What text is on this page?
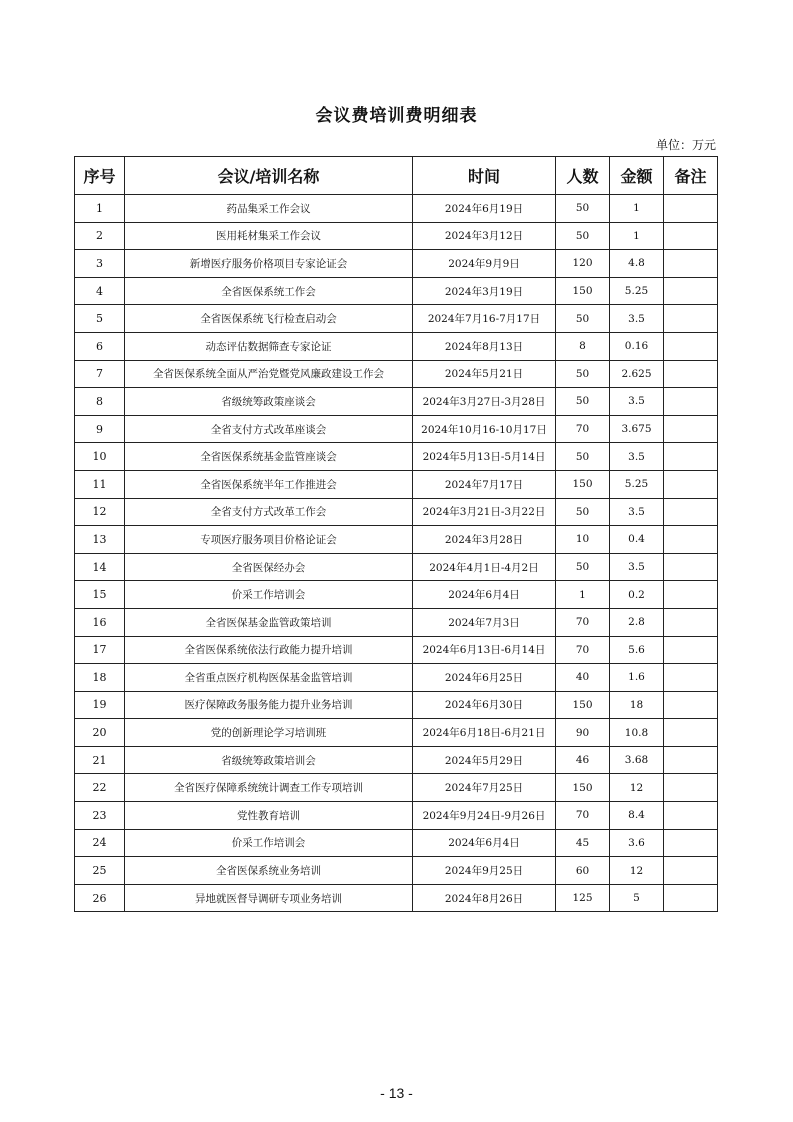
会议费培训费明细表
单位：万元
序号	会议/培训名称	时间	人数	金额	备注
1	药品集采工作会议	2024年6月19日	50	1	
2	医用耗材集采工作会议	2024年3月12日	50	1	
3	新增医疗服务价格项目专家论证会	2024年9月9日	120	4.8	
4	全省医保系统工作会	2024年3月19日	150	5.25	
5	全省医保系统飞行检查启动会	2024年7月16-7月17日	50	3.5	
6	动态评估数据筛查专家论证	2024年8月13日	8	0.16	
7	全省医保系统全面从严治党暨党风廉政建设工作会	2024年5月21日	50	2.625	
8	省级统筹政策座谈会	2024年3月27日-3月28日	50	3.5	
9	全省支付方式改革座谈会	2024年10月16-10月17日	70	3.675	
10	全省医保系统基金监管座谈会	2024年5月13日-5月14日	50	3.5	
11	全省医保系统半年工作推进会	2024年7月17日	150	5.25	
12	全省支付方式改革工作会	2024年3月21日-3月22日	50	3.5	
13	专项医疗服务项目价格论证会	2024年3月28日	10	0.4	
14	全省医保经办会	2024年4月1日-4月2日	50	3.5	
15	价采工作培训会	2024年6月4日	1	0.2	
16	全省医保基金监管政策培训	2024年7月3日	70	2.8	
17	全省医保系统依法行政能力提升培训	2024年6月13日-6月14日	70	5.6	
18	全省重点医疗机构医保基金监管培训	2024年6月25日	40	1.6	
19	医疗保障政务服务能力提升业务培训	2024年6月30日	150	18	
20	党的创新理论学习培训班	2024年6月18日-6月21日	90	10.8	
21	省级统筹政策培训会	2024年5月29日	46	3.68	
22	全省医疗保障系统统计调查工作专项培训	2024年7月25日	150	12	
23	党性教育培训	2024年9月24日-9月26日	70	8.4	
24	价采工作培训会	2024年6月4日	45	3.6	
25	全省医保系统业务培训	2024年9月25日	60	12	
26	异地就医督导调研专项业务培训	2024年8月26日	125	5	
- 13 -
